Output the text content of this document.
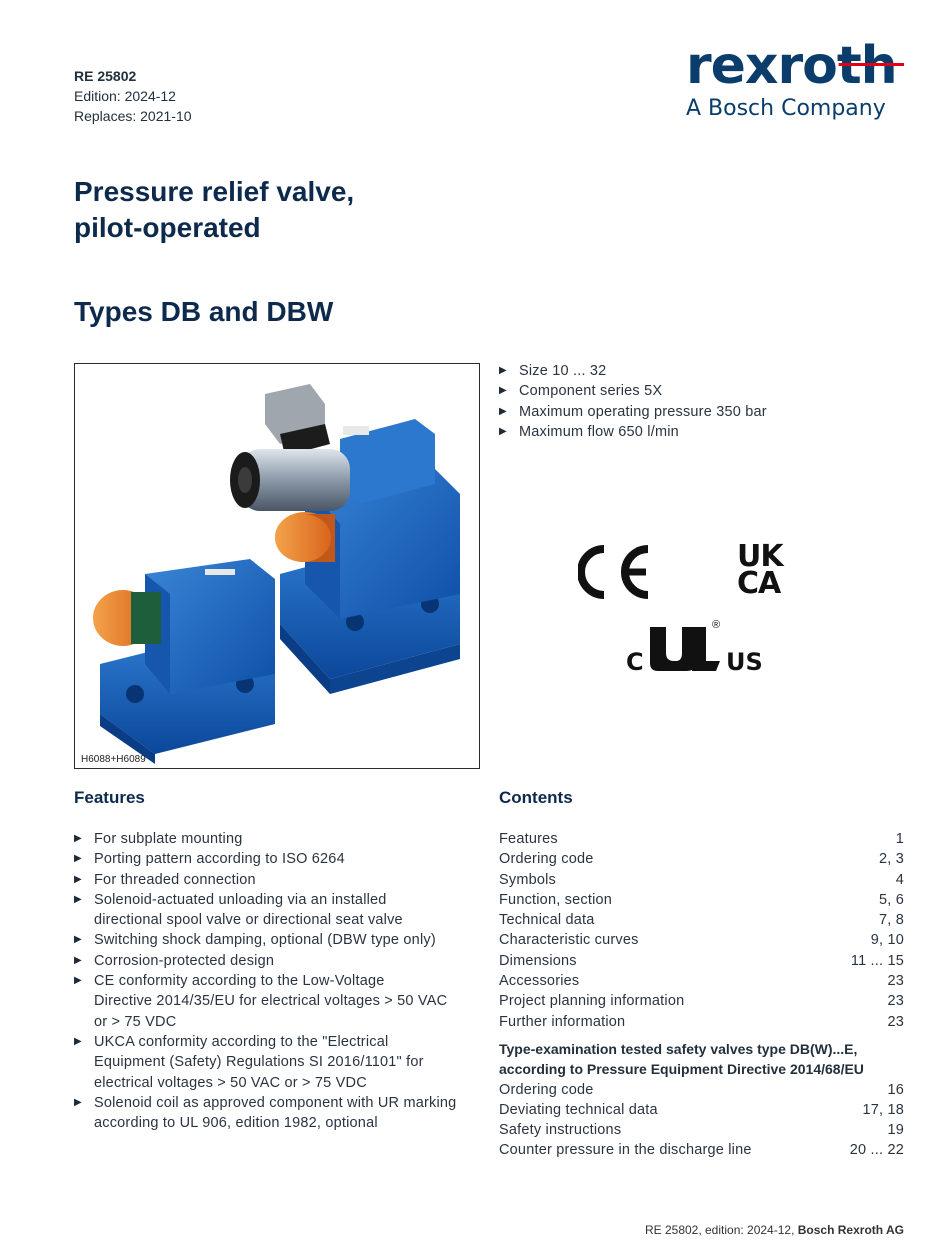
RE 25802
Edition: 2024-12
Replaces: 2021-10
rexroth
A Bosch Company
Pressure relief valve,
pilot-operated
Types DB and DBW
H6088+H6089
▶ Size 10 ... 32
▶ Component series 5X
▶ Maximum operating pressure 350 bar
▶ Maximum flow 650 l/min
UK
CA
C
®
US
Features
▶ For subplate mounting
▶ Porting pattern according to ISO 6264
▶ For threaded connection
▶ Solenoid-actuated unloading via an installed
directional spool valve or directional seat valve
▶ Switching shock damping, optional (DBW type only)
▶ Corrosion-protected design
▶ CE conformity according to the Low-Voltage
Directive 2014/35/EU for electrical voltages > 50 VAC
or > 75 VDC
▶ UKCA conformity according to the "Electrical
Equipment (Safety) Regulations SI 2016/1101" for
electrical voltages > 50 VAC or > 75 VDC
▶ Solenoid coil as approved component with UR marking
according to UL 906, edition 1982, optional
Contents
Features	1
Ordering code	2, 3
Symbols	4
Function, section	5, 6
Technical data	7, 8
Characteristic curves	9, 10
Dimensions	11 ... 15
Accessories	23
Project planning information	23
Further information	23
Type-examination tested safety valves type DB(W)...E,
according to Pressure Equipment Directive 2014/68/EU
Ordering code	16
Deviating technical data	17, 18
Safety instructions	19
Counter pressure in the discharge line	20 ... 22
RE 25802, edition: 2024-12, Bosch Rexroth AG
